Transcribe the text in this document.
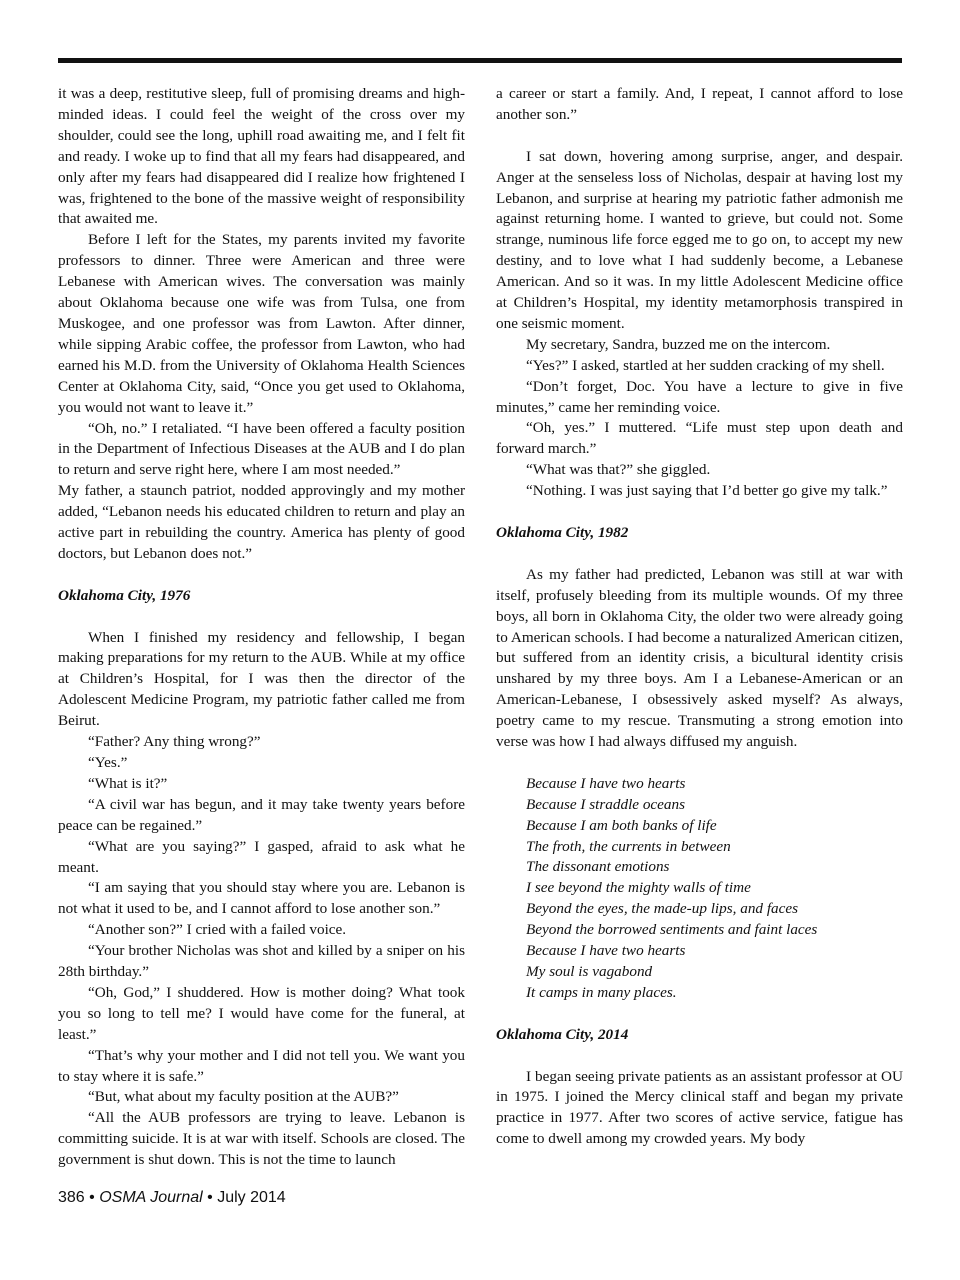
it was a deep, restitutive sleep, full of promising dreams and high-minded ideas. I could feel the weight of the cross over my shoulder, could see the long, uphill road awaiting me, and I felt fit and ready. I woke up to find that all my fears had disappeared, and only after my fears had disappeared did I realize how frightened I was, frightened to the bone of the massive weight of responsibility that awaited me.

Before I left for the States, my parents invited my favorite professors to dinner. Three were American and three were Lebanese with American wives. The conversation was mainly about Oklahoma because one wife was from Tulsa, one from Muskogee, and one professor was from Lawton. After dinner, while sipping Arabic coffee, the professor from Lawton, who had earned his M.D. from the University of Oklahoma Health Sciences Center at Oklahoma City, said, “Once you get used to Oklahoma, you would not want to leave it.”

“Oh, no.” I retaliated. “I have been offered a faculty position in the Department of Infectious Diseases at the AUB and I do plan to return and serve right here, where I am most needed.”

My father, a staunch patriot, nodded approvingly and my mother added, “Lebanon needs his educated children to return and play an active part in rebuilding the country. America has plenty of good doctors, but Lebanon does not.”

Oklahoma City, 1976

When I finished my residency and fellowship, I began making preparations for my return to the AUB. While at my office at Children’s Hospital, for I was then the director of the Adolescent Medicine Program, my patriotic father called me from Beirut.

“Father? Any thing wrong?”

“Yes.”

“What is it?”

“A civil war has begun, and it may take twenty years before peace can be regained.”

“What are you saying?” I gasped, afraid to ask what he meant.

“I am saying that you should stay where you are. Lebanon is not what it used to be, and I cannot afford to lose another son.”

“Another son?” I cried with a failed voice.

“Your brother Nicholas was shot and killed by a sniper on his 28th birthday.”

“Oh, God,” I shuddered. How is mother doing? What took you so long to tell me? I would have come for the funeral, at least.”

“That’s why your mother and I did not tell you. We want you to stay where it is safe.”

“But, what about my faculty position at the AUB?”

“All the AUB professors are trying to leave. Lebanon is committing suicide. It is at war with itself. Schools are closed. The government is shut down. This is not the time to launch

a career or start a family. And, I repeat, I cannot afford to lose another son.”

I sat down, hovering among surprise, anger, and despair. Anger at the senseless loss of Nicholas, despair at having lost my Lebanon, and surprise at hearing my patriotic father admonish me against returning home. I wanted to grieve, but could not. Some strange, numinous life force egged me to go on, to accept my new destiny, and to love what I had suddenly become, a Lebanese American. And so it was. In my little Adolescent Medicine office at Children’s Hospital, my identity metamorphosis transpired in one seismic moment.

My secretary, Sandra, buzzed me on the intercom.

“Yes?” I asked, startled at her sudden cracking of my shell.

“Don’t forget, Doc. You have a lecture to give in five minutes,” came her reminding voice.

“Oh, yes.” I muttered. “Life must step upon death and forward march.”

“What was that?” she giggled.

“Nothing. I was just saying that I’d better go give my talk.”

Oklahoma City, 1982

As my father had predicted, Lebanon was still at war with itself, profusely bleeding from its multiple wounds. Of my three boys, all born in Oklahoma City, the older two were already going to American schools. I had become a naturalized American citizen, but suffered from an identity crisis, a bicultural identity crisis unshared by my three boys. Am I a Lebanese-American or an American-Lebanese, I obsessively asked myself? As always, poetry came to my rescue. Transmuting a strong emotion into verse was how I had always diffused my anguish.

Because I have two hearts
Because I straddle oceans
Because I am both banks of life
The froth, the currents in between
The dissonant emotions
I see beyond the mighty walls of time
Beyond the eyes, the made-up lips, and faces
Beyond the borrowed sentiments and faint laces
Because I have two hearts
My soul is vagabond
It camps in many places.
Oklahoma City, 2014

I began seeing private patients as an assistant professor at OU in 1975. I joined the Mercy clinical staff and began my private practice in 1977. After two scores of active service, fatigue has come to dwell among my crowded years. My body

386 • OSMA Journal • July 2014
